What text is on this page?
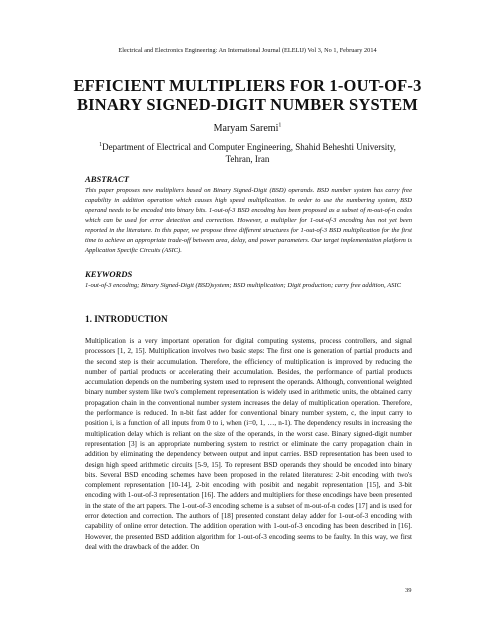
Electrical and Electronics Engineering: An International Journal (ELELIJ) Vol 3, No 1, February 2014
EFFICIENT MULTIPLIERS FOR 1-OUT-OF-3
BINARY SIGNED-DIGIT NUMBER SYSTEM
Maryam Saremi$^1$
$^1$Department of Electrical and Computer Engineering, Shahid Beheshti University,
Tehran, Iran
ABSTRACT
This paper proposes new multipliers based on Binary Signed-Digit (BSD) operands. BSD number system has carry free capability in addition operation which causes high speed multiplication. In order to use the numbering system, BSD operand needs to be encoded into binary bits. 1-out-of-3 BSD encoding has been proposed as a subset of m-out-of-n codes which can be used for error detection and correction. However, a multiplier for 1-out-of-3 encoding has not yet been reported in the literature. In this paper, we propose three different structures for 1-out-of-3 BSD multiplication for the first time to achieve an appropriate trade-off between area, delay, and power parameters. Our target implementation platform is Application Specific Circuits (ASIC).
KEYWORDS
1-out-of-3 encoding; Binary Signed-Digit (BSD)system; BSD multiplication; Digit production; carry free addition, ASIC
1. INTRODUCTION
Multiplication is a very important operation for digital computing systems, process controllers, and signal processors [1, 2, 15]. Multiplication involves two basic steps: The first one is generation of partial products and the second step is their accumulation. Therefore, the efficiency of multiplication is improved by reducing the number of partial products or accelerating their accumulation. Besides, the performance of partial products accumulation depends on the numbering system used to represent the operands. Although, conventional weighted binary number system like two's complement representation is widely used in arithmetic units, the obtained carry propagation chain in the conventional number system increases the delay of multiplication operation. Therefore, the performance is reduced. In n-bit fast adder for conventional binary number system, c, the input carry to position i, is a function of all inputs from 0 to i, when (i=0, 1, …, n-1). The dependency results in increasing the multiplication delay which is reliant on the size of the operands, in the worst case. Binary signed-digit number representation [3] is an appropriate numbering system to restrict or eliminate the carry propagation chain in addition by eliminating the dependency between output and input carries. BSD representation has been used to design high speed arithmetic circuits [5-9, 15]. To represent BSD operands they should be encoded into binary bits. Several BSD encoding schemes have been proposed in the related literatures: 2-bit encoding with two's complement representation [10-14], 2-bit encoding with posibit and negabit representation [15], and 3-bit encoding with 1-out-of-3 representation [16]. The adders and multipliers for these encodings have been presented in the state of the art papers. The 1-out-of-3 encoding scheme is a subset of m-out-of-n codes [17] and is used for error detection and correction. The authors of [18] presented constant delay adder for 1-out-of-3 encoding with capability of online error detection. The addition operation with 1-out-of-3 encoding has been described in [16]. However, the presented BSD addition algorithm for 1-out-of-3 encoding seems to be faulty. In this way, we first deal with the drawback of the adder. On
39
